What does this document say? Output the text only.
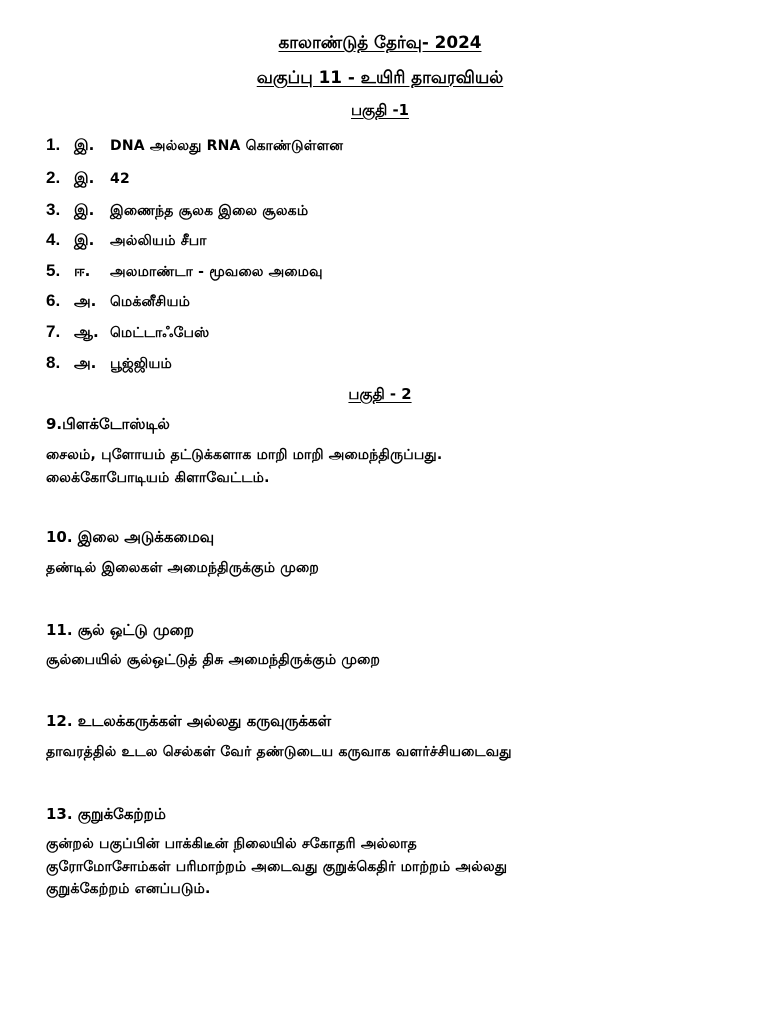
காலாண்டுத் தேர்வு- 2024
வகுப்பு 11 - உயிரி தாவரவியல்
பகுதி -1
1. இ. DNA அல்லது RNA கொண்டுள்ளன
2. இ. 42
3. இ. இணைந்த சூலக இலை சூலகம்
4. இ. அல்லியம் சீபா
5. ஈ. அலமாண்டா - மூவலை அமைவு
6. அ. மெக்னீசியம்
7. ஆ. மெட்டாஃபேஸ்
8. அ. பூஜ்ஜியம்
பகுதி - 2
9.பிளக்டோஸ்டில்
சைலம், புளோயம் தட்டுக்களாக மாறி மாறி அமைந்திருப்பது.
லைக்கோபோடியம் கிளாவேட்டம்.
10. இலை அடுக்கமைவு
தண்டில் இலைகள் அமைந்திருக்கும் முறை
11. சூல் ஒட்டு முறை
சூல்பையில் சூல்ஒட்டுத் திசு அமைந்திருக்கும் முறை
12. உடலக்கருக்கள் அல்லது கருவுருக்கள்
தாவரத்தில் உடல செல்கள் வேர் தண்டுடைய கருவாக வளர்ச்சியடைவது
13. குறுக்கேற்றம்
குன்றல் பகுப்பின் பாக்கிடீன் நிலையில் சகோதரி அல்லாத
குரோமோசோம்கள் பரிமாற்றம் அடைவது குறுக்கெதிர் மாற்றம் அல்லது
குறுக்கேற்றம் எனப்படும்.
